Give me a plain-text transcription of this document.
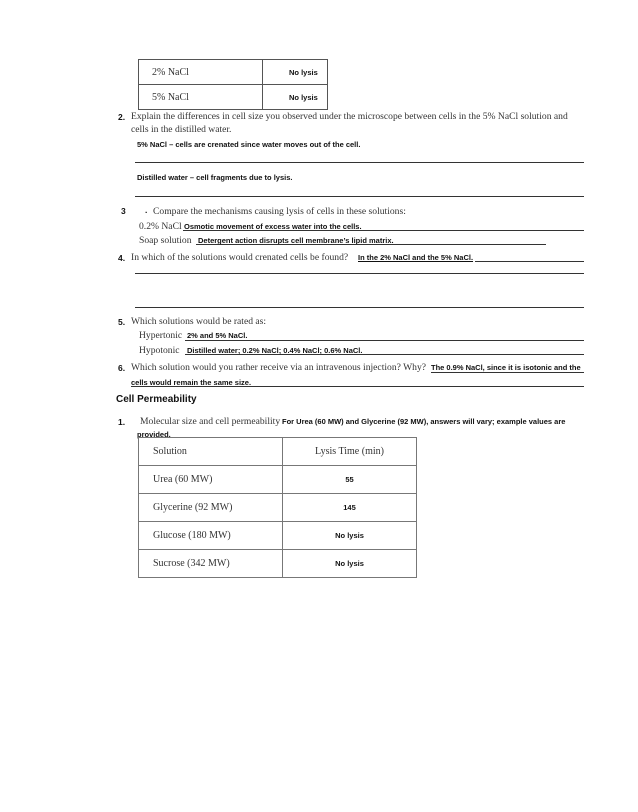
2% NaCl	No lysis
5% NaCl	No lysis
2. Explain the differences in cell size you observed under the microscope between cells in the 5% NaCl solution and
cells in the distilled water.
5% NaCl – cells are crenated since water moves out of the cell.
Distilled water – cell fragments due to lysis.
3 . Compare the mechanisms causing lysis of cells in these solutions:
0.2% NaCl Osmotic movement of excess water into the cells.
Soap solution Detergent action disrupts cell membrane’s lipid matrix.
4. In which of the solutions would crenated cells be found? In the 2% NaCl and the 5% NaCl.
5. Which solutions would be rated as:
Hypertonic 2% and 5% NaCl.
Hypotonic Distilled water; 0.2% NaCl; 0.4% NaCl; 0.6% NaCl.
6. Which solution would you rather receive via an intravenous injection? Why? The 0.9% NaCl, since it is isotonic and the
cells would remain the same size.
Cell Permeability
1. Molecular size and cell permeability For Urea (60 MW) and Glycerine (92 MW), answers will vary; example values are
provided.
Solution	Lysis Time (min)
Urea (60 MW)	55
Glycerine (92 MW)	145
Glucose (180 MW)	No lysis
Sucrose (342 MW)	No lysis
